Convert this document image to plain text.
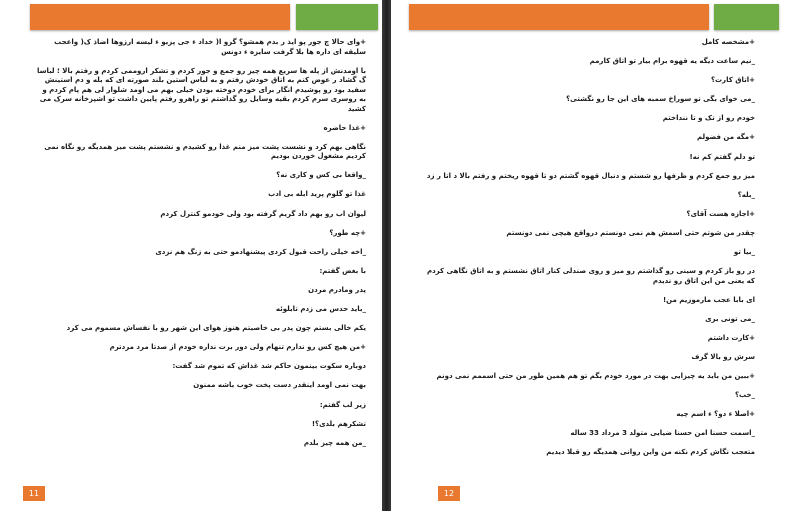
+وای حالا چ جور پو ایذ ر بدم همشو؟ گرو ا( خداد ء جی پزیو ء لیسه ارزوها اضاذ ک( واعجب سلیقه ای داره ها بلا گرفت سایزه ء دونس

با اومدنش از پله ها سریع همه چیز رو جمع و جور کردم و تشکر اروممی کردم و رفتم بالا ؛ لباسا گ گشاد ر عوض کنم به اتاق خودش رفتم و به لباس استین بلند صورته ای که بله و دم استینش سفید بود رو پوشیدم انگار برای خودم دوخته بودن خیلی بهم می اومد شلوار لی هم پام کردم و به روسری سرم کردم بقیه وسایل رو گذاشتم تو راهرو رفتم پایین داشت تو اشپزخانه سرک می کشید

+غذا حاضره

نگاهی بهم کرد و نشست پشت میز منم غذا رو کشیدم و نشستم پشت میز همدیگه رو نگاه نمی کردیم مشغول خوردن بودیم

_واقعا بی کس و کاری نه؟

غذا تو گلوم پرید ابله بی ادب

لیوان اب رو بهم داد گریم گرفته بود ولی خودمو کنترل کردم

+چه طور؟

_اخه خیلی راحت قبول کردی پیشنهادمو حتی به زنگ هم نزدی

با بغض گفتم:

پدر ومادرم مردن

_باید حدس می زدم تابلوئه

یکم خالی بستم چون پدر بی خاصیتم هنوز هوای این شهر رو با نفساش مسموم می کرد

+من هیچ کس رو ندارم تنهام ولی دور برت نداره خودم از صدتا مرد مردترم

دوباره سکوت بینمون حاکم شد غذاش که تموم شد گفت:

بهت نمی اومد اینقدر دست پخت خوب باشه ممنون

زیر لب گفتم:

تشکرهم بلدی؟!

_من همه چیز بلدم

11

+مشخصه کامل

_نیم ساعت دیگه یه قهوه برام بیار تو اتاق کارمم

+اتاق کارت؟

_می خوای بگی تو سوراخ سمبه های این جا رو نگشتی؟

خودم رو از تک و تا ننداختم

+مگه من فضولم

تو دلم گفتم کم نه!

میز رو جمع کردم و ظرفها رو شستم و دنبال قهوه گشتم دو تا قهوه ریختم و رفتم بالا د اتا ر زد

_بله؟

+اجازه هست آقای؟

چقدر من شوتم حتی اسمش هم نمی دونستم درواقع هیچی نمی دونستم

_بیا تو

در رو باز کردم و سینی رو گذاشتم رو میز و روی صندلی کنار اتاق نشستم و به اتاق نگاهی کردم که یعنی من این اتاق رو ندیدم

ای بابا عجب مارموزیم من!

_می تونی بری

+کارت داشتم

سرش رو بالا گرف

+ببین من باید یه چیزایی بهت در مورد خودم بگم تو هم همین طور من حتی اسممم نمی دونم

_خب؟

+اصلا ء دو؟ ء اسم چیه

_اسمت حسنا امن حسنا ضیایی متولد 3 مرداد 33 ساله

متعجب نگاش کردم نکنه من واین روانی همدیگه رو قبلا دیدیم

12
